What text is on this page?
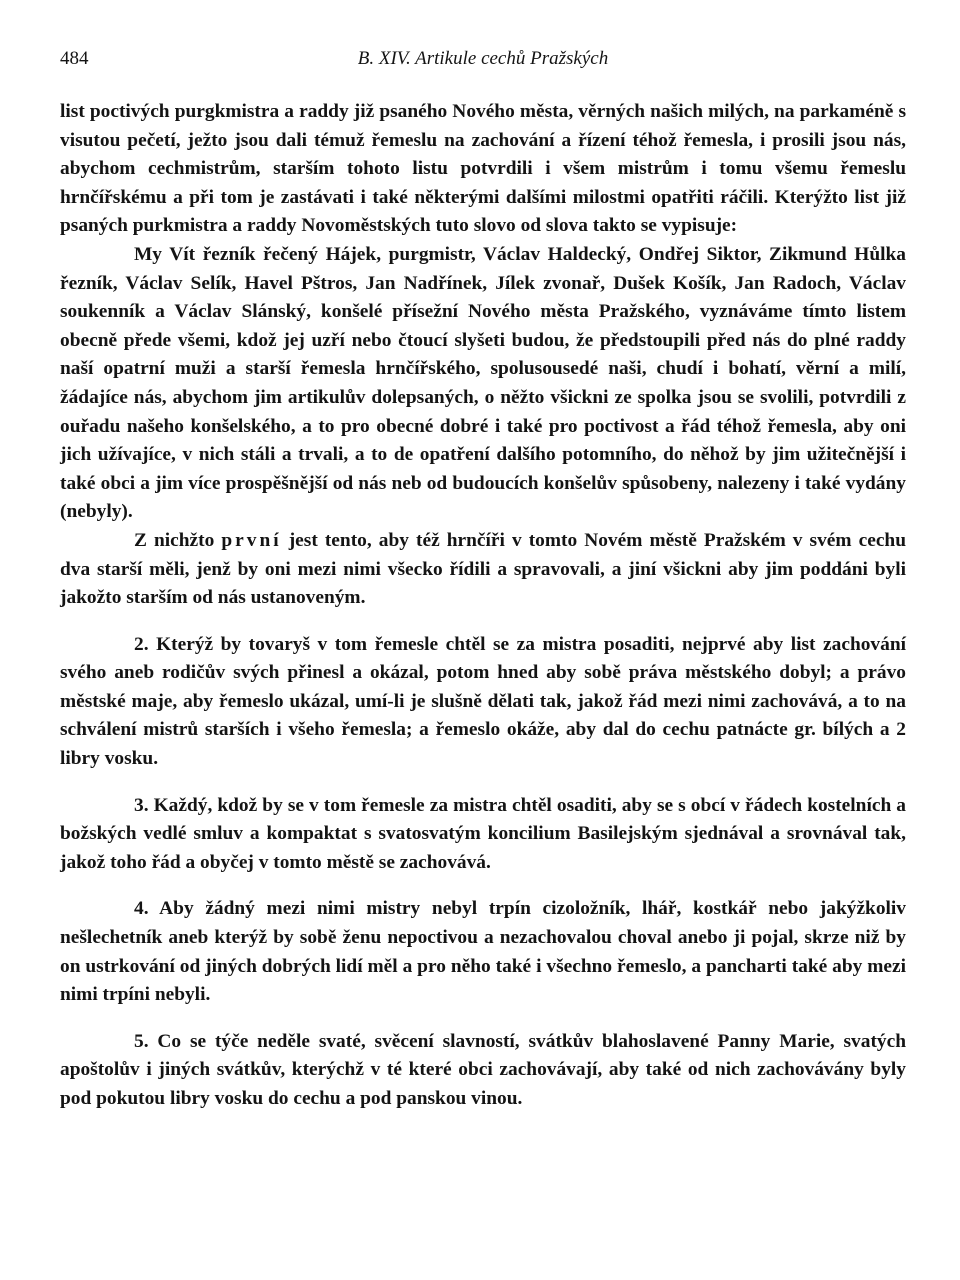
484	B. XIV. Artikule cechů Pražských

list poctivých purgkmistra a raddy již psaného Nového města, věrných našich milých, na parkaméně s visutou pečetí, ježto jsou dali témuž řemeslu na zachování a řízení téhož řemesla, i prosili jsou nás, abychom cechmistrům, starším tohoto listu potvrdili i všem mistrům i tomu všemu řemeslu hrnčířskému a při tom je zastávati i také některými dalšími milostmi opatřiti ráčili. Kterýžto list již psaných purkmistra a raddy Novoměstských tuto slovo od slova takto se vypisuje:

My Vít řezník řečený Hájek, purgmistr, Václav Haldecký, Ondřej Siktor, Zikmund Hůlka řezník, Václav Selík, Havel Pštros, Jan Nadřínek, Jílek zvonař, Dušek Košík, Jan Radoch, Václav soukenník a Václav Slánský, konšelé přísežní Nového města Pražského, vyznáváme tímto listem obecně přede všemi, kdož jej uzří nebo čtoucí slyšeti budou, že předstoupili před nás do plné raddy naší opatrní muži a starší řemesla hrnčířského, spolusousedé naši, chudí i bohatí, věrní a milí, žádajíce nás, abychom jim artikulův dolepsaných, o něžto všickni ze spolka jsou se svolili, potvrdili z ouřadu našeho konšelského, a to pro obecné dobré i také pro poctivost a řád téhož řemesla, aby oni jich užívajíce, v nich stáli a trvali, a to de opatření dalšího potomního, do něhož by jim užitečnější i také obci a jim více prospěšnější od nás neb od budoucích konšelův spůsobeny, nalezeny i také vydány (nebyly).

Z nichžto první jest tento, aby též hrnčíři v tomto Novém městě Pražském v svém cechu dva starší měli, jenž by oni mezi nimi všecko řídili a spravovali, a jiní všickni aby jim poddáni byli jakožto starším od nás ustanoveným.

2. Kterýž by tovaryš v tom řemesle chtěl se za mistra posaditi, nejprvé aby list zachování svého aneb rodičův svých přinesl a okázal, potom hned aby sobě práva městského dobyl; a právo městské maje, aby řemeslo ukázal, umí-li je slušně dělati tak, jakož řád mezi nimi zachovává, a to na schválení mistrů starších i všeho řemesla; a řemeslo okáže, aby dal do cechu patnácte gr. bílých a 2 libry vosku.

3. Každý, kdož by se v tom řemesle za mistra chtěl osaditi, aby se s obcí v řádech kostelních a božských vedlé smluv a kompaktat s svatosvatým koncilium Basilejským sjednával a srovnával tak, jakož toho řád a obyčej v tomto městě se zachovává.

4. Aby žádný mezi nimi mistry nebyl trpín cizoložník, lhář, kostkář nebo jakýžkoliv nešlechetník aneb kterýž by sobě ženu nepoctivou a nezachovalou choval anebo ji pojal, skrze niž by on ustrkování od jiných dobrých lidí měl a pro něho také i všechno řemeslo, a pancharti také aby mezi nimi trpíni nebyli.

5. Co se týče neděle svaté, svěcení slavností, svátkův blahoslavené Panny Marie, svatých apoštolův i jiných svátkův, kterýchž v té které obci zachovávají, aby také od nich zachovávány byly pod pokutou libry vosku do cechu a pod panskou vinou.
